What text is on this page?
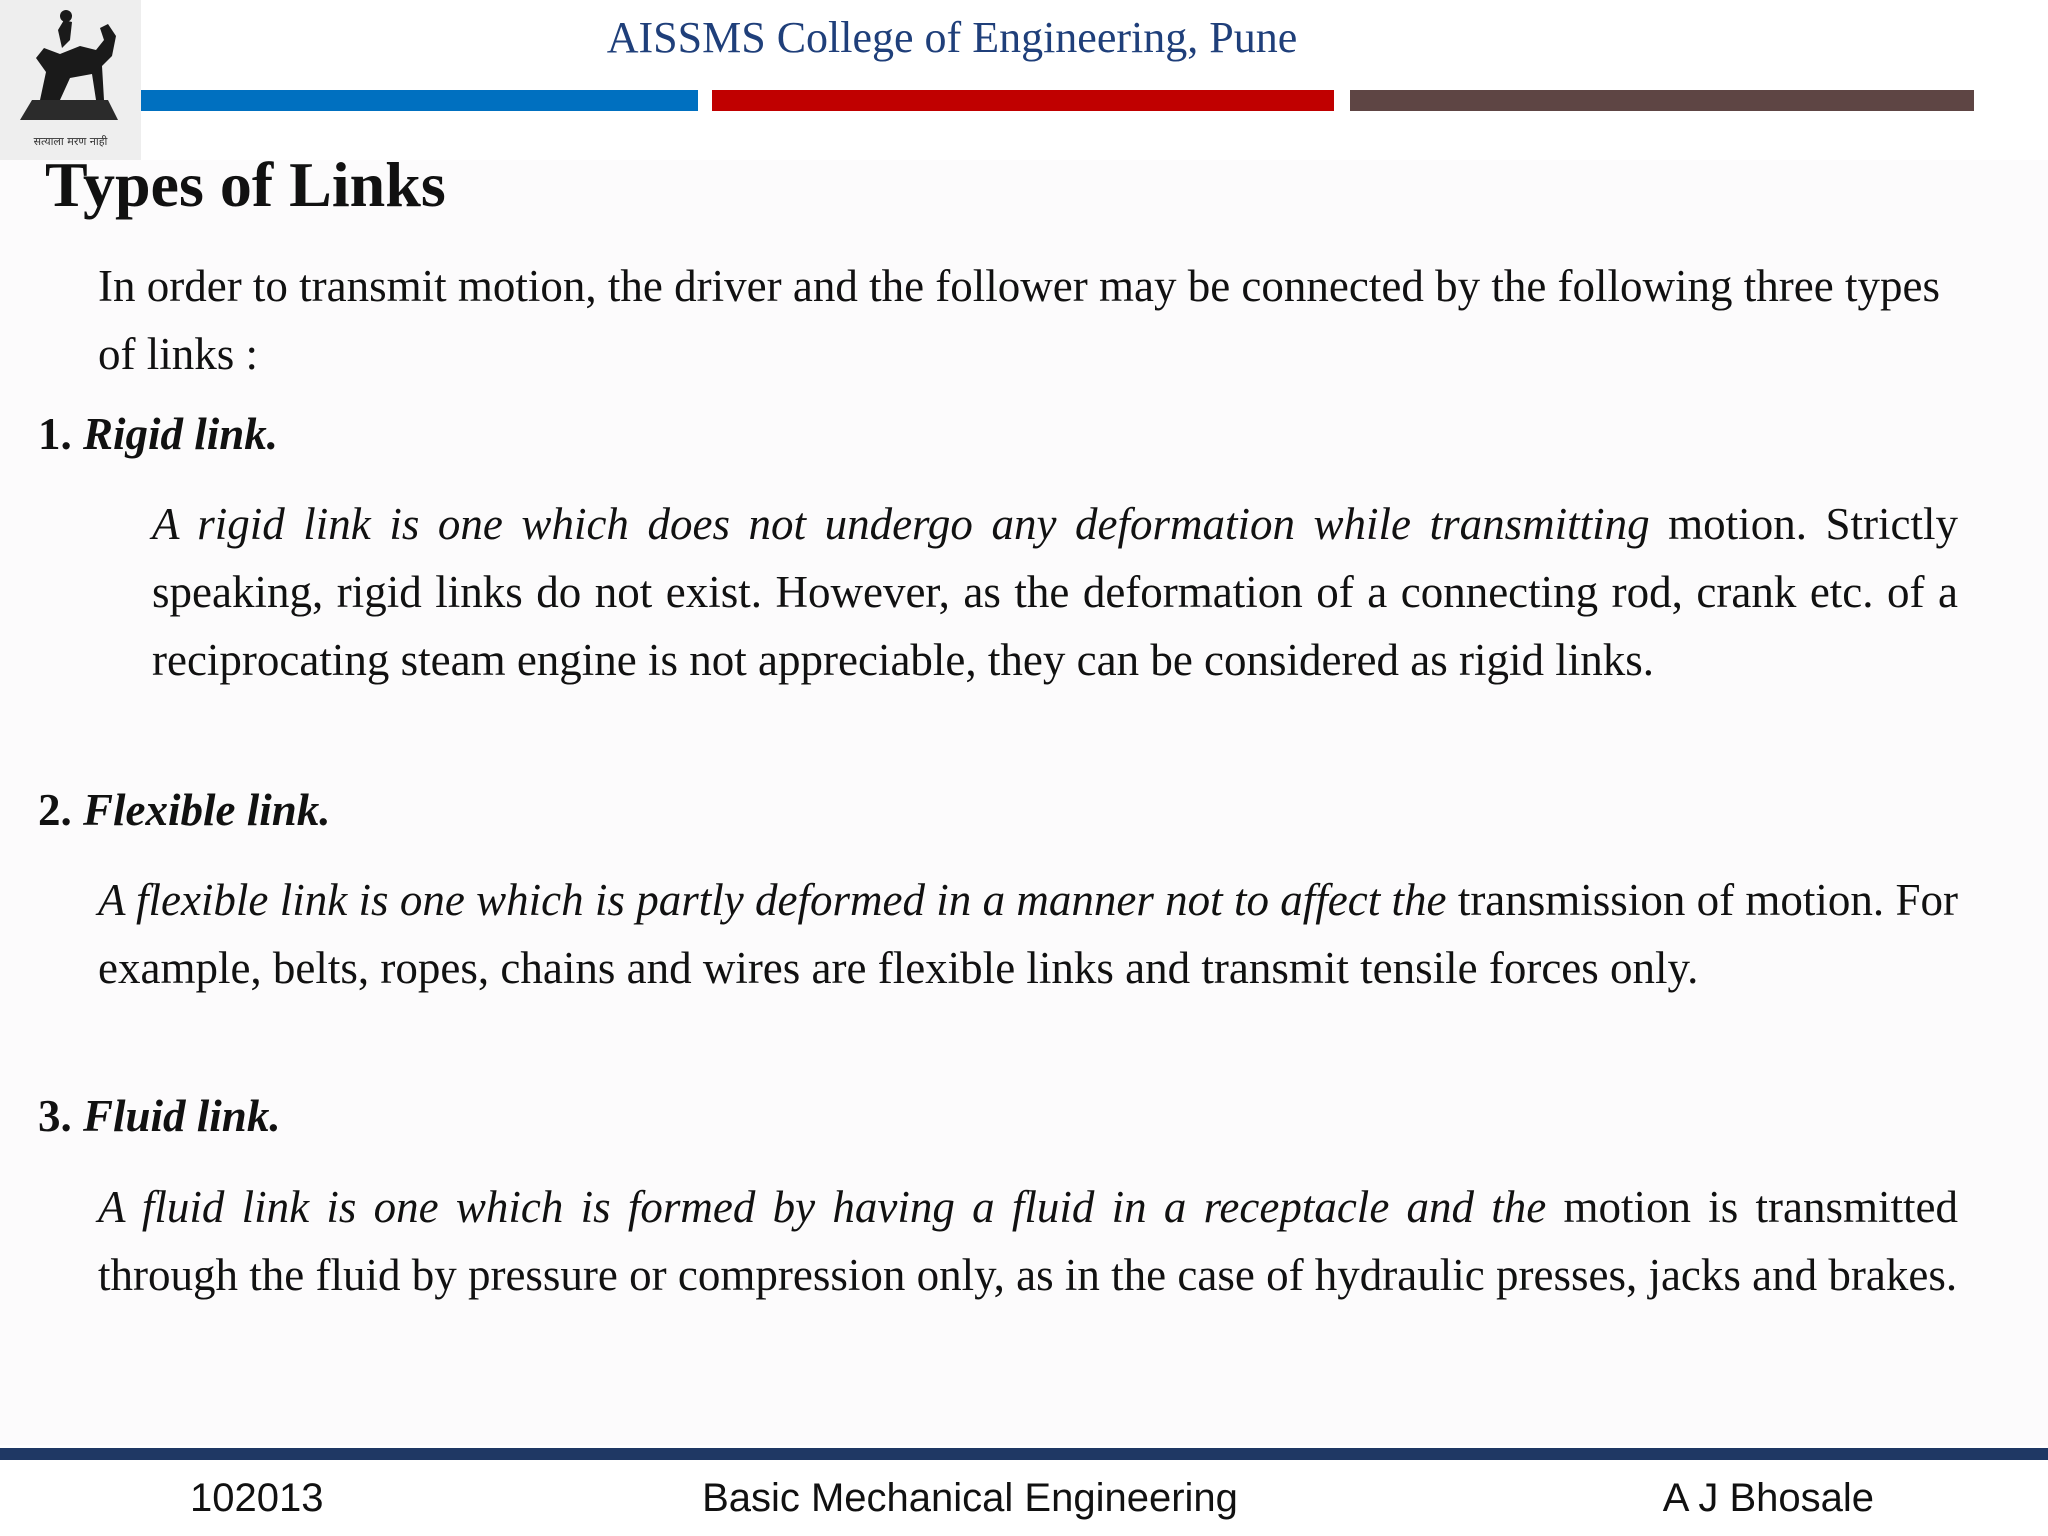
सत्याला मरण नाही
AISSMS College of Engineering, Pune
Types of Links

In order to transmit motion, the driver and the follower may be connected by the following three types of links :

1. Rigid link.

A rigid link is one which does not undergo any deformation while transmitting motion. Strictly speaking, rigid links do not exist. However, as the deformation of a connecting rod, crank etc. of a reciprocating steam engine is not appreciable, they can be considered as rigid links.

2. Flexible link.

A flexible link is one which is partly deformed in a manner not to affect the transmission of motion. For example, belts, ropes, chains and wires are flexible links and transmit tensile forces only.

3. Fluid link.

A fluid link is one which is formed by having a fluid in a receptacle and the motion is transmitted through the fluid by pressure or compression only, as in the case of hydraulic presses, jacks and brakes.

102013	Basic Mechanical Engineering	A J Bhosale
